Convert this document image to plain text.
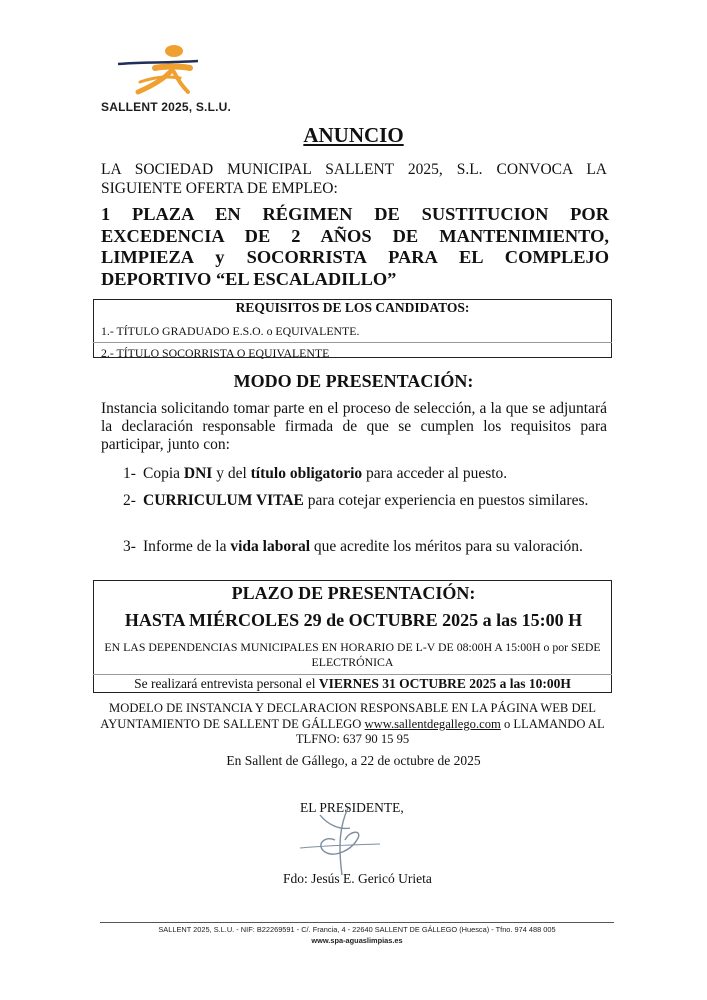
SALLENT 2025, S.L.U.
ANUNCIO
LA SOCIEDAD MUNICIPAL SALLENT 2025, S.L. CONVOCA LA SIGUIENTE OFERTA DE EMPLEO:
1 PLAZA EN RÉGIMEN DE SUSTITUCION POR EXCEDENCIA DE 2 AÑOS DE MANTENIMIENTO, LIMPIEZA y SOCORRISTA PARA EL COMPLEJO DEPORTIVO “EL ESCALADILLO”
REQUISITOS DE LOS CANDIDATOS:
1.- TÍTULO GRADUADO E.S.O. o EQUIVALENTE.
2.- TÍTULO SOCORRISTA O EQUIVALENTE
MODO DE PRESENTACIÓN:
Instancia solicitando tomar parte en el proceso de selección, a la que se adjuntará la declaración responsable firmada de que se cumplen los requisitos para participar, junto con:
1- Copia DNI y del título obligatorio para acceder al puesto.
2- CURRICULUM VITAE para cotejar experiencia en puestos similares.
3- Informe de la vida laboral que acredite los méritos para su valoración.
PLAZO DE PRESENTACIÓN:
HASTA MIÉRCOLES 29 de OCTUBRE 2025 a las 15:00 H
EN LAS DEPENDENCIAS MUNICIPALES EN HORARIO DE L-V DE 08:00H A 15:00H o por SEDE ELECTRÓNICA
Se realizará entrevista personal el VIERNES 31 OCTUBRE 2025 a las 10:00H
MODELO DE INSTANCIA Y DECLARACION RESPONSABLE EN LA PÁGINA WEB DEL AYUNTAMIENTO DE SALLENT DE GÁLLEGO www.sallentdegallego.com o LLAMANDO AL TLFNO: 637 90 15 95
En Sallent de Gállego, a 22 de octubre de 2025
EL PRESIDENTE,
Fdo: Jesús E. Gericó Urieta
SALLENT 2025, S.L.U. - NIF: B22269591 - C/. Francia, 4 - 22640 SALLENT DE GÁLLEGO (Huesca) - Tfno. 974 488 005
www.spa-aguaslimpias.es
